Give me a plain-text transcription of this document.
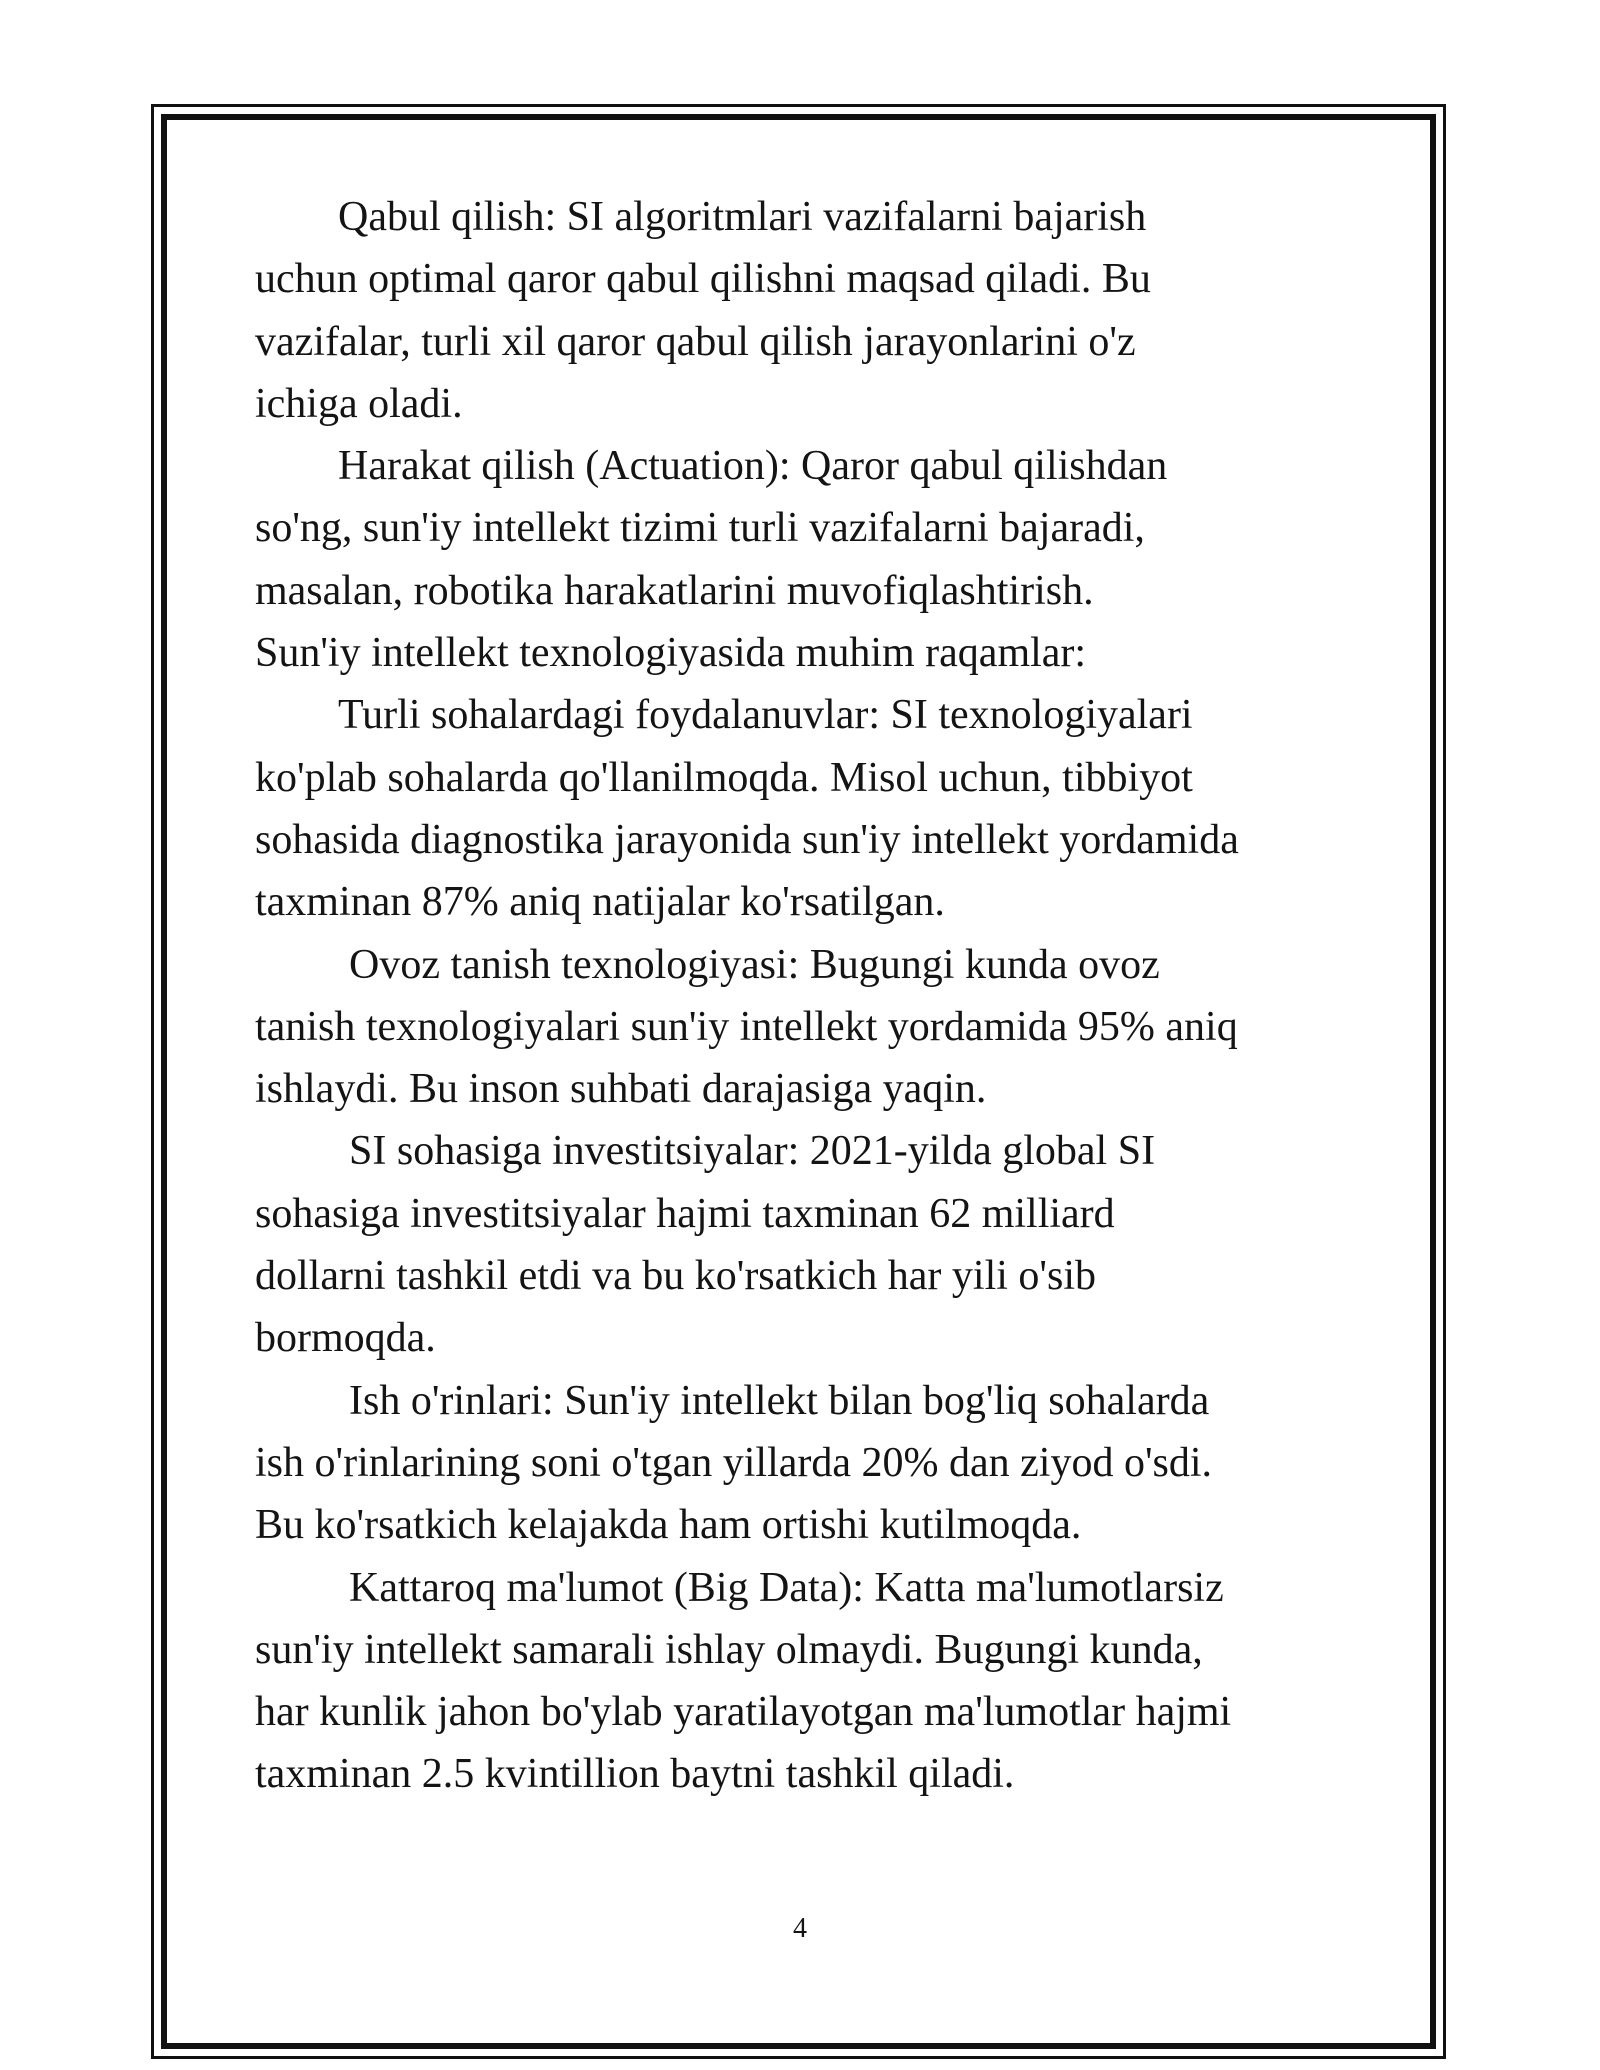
Qabul qilish: SI algoritmlari vazifalarni bajarish

uchun optimal qaror qabul qilishni maqsad qiladi. Bu

vazifalar, turli xil qaror qabul qilish jarayonlarini o'z

ichiga oladi.

Harakat qilish (Actuation): Qaror qabul qilishdan

so'ng, sun'iy intellekt tizimi turli vazifalarni bajaradi,

masalan, robotika harakatlarini muvofiqlashtirish.

Sun'iy intellekt texnologiyasida muhim raqamlar:

Turli sohalardagi foydalanuvlar: SI texnologiyalari

ko'plab sohalarda qo'llanilmoqda. Misol uchun, tibbiyot

sohasida diagnostika jarayonida sun'iy intellekt yordamida

taxminan 87% aniq natijalar ko'rsatilgan.

Ovoz tanish texnologiyasi: Bugungi kunda ovoz

tanish texnologiyalari sun'iy intellekt yordamida 95% aniq

ishlaydi. Bu inson suhbati darajasiga yaqin.

SI sohasiga investitsiyalar: 2021-yilda global SI

sohasiga investitsiyalar hajmi taxminan 62 milliard

dollarni tashkil etdi va bu ko'rsatkich har yili o'sib

bormoqda.

Ish o'rinlari: Sun'iy intellekt bilan bog'liq sohalarda

ish o'rinlarining soni o'tgan yillarda 20% dan ziyod o'sdi.

Bu ko'rsatkich kelajakda ham ortishi kutilmoqda.

Kattaroq ma'lumot (Big Data): Katta ma'lumotlarsiz

sun'iy intellekt samarali ishlay olmaydi. Bugungi kunda,

har kunlik jahon bo'ylab yaratilayotgan ma'lumotlar hajmi

taxminan 2.5 kvintillion baytni tashkil qiladi.

4
